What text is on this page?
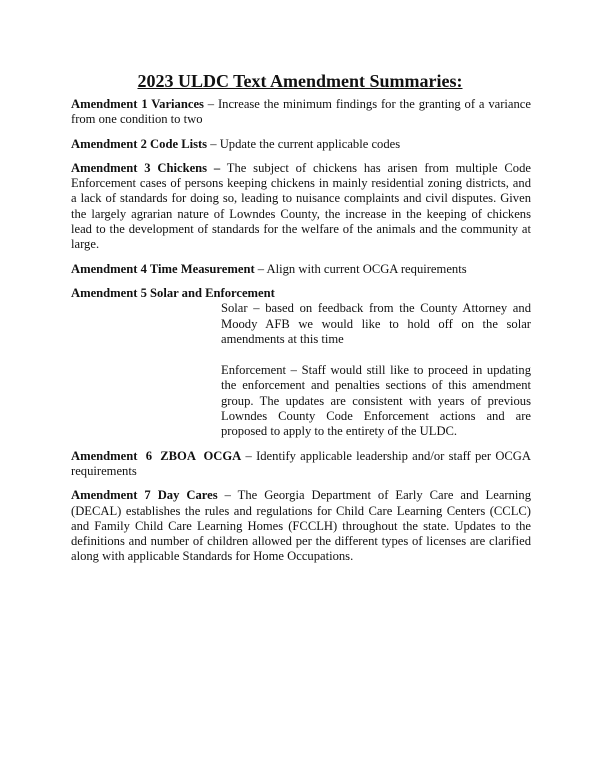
2023 ULDC Text Amendment Summaries:

Amendment 1 Variances – Increase the minimum findings for the granting of a variance from one condition to two

Amendment 2 Code Lists – Update the current applicable codes

Amendment 3 Chickens – The subject of chickens has arisen from multiple Code Enforcement cases of persons keeping chickens in mainly residential zoning districts, and a lack of standards for doing so, leading to nuisance complaints and civil disputes. Given the largely agrarian nature of Lowndes County, the increase in the keeping of chickens lead to the development of standards for the welfare of the animals and the community at large.

Amendment 4 Time Measurement – Align with current OCGA requirements

Amendment 5 Solar and Enforcement

Solar – based on feedback from the County Attorney and Moody AFB we would like to hold off on the solar amendments at this time

Enforcement – Staff would still like to proceed in updating the enforcement and penalties sections of this amendment group. The updates are consistent with years of previous Lowndes County Code Enforcement actions and are proposed to apply to the entirety of the ULDC.

Amendment 6 ZBOA OCGA – Identify applicable leadership and/or staff per OCGA requirements

Amendment 7 Day Cares – The Georgia Department of Early Care and Learning (DECAL) establishes the rules and regulations for Child Care Learning Centers (CCLC) and Family Child Care Learning Homes (FCCLH) throughout the state. Updates to the definitions and number of children allowed per the different types of licenses are clarified along with applicable Standards for Home Occupations.
